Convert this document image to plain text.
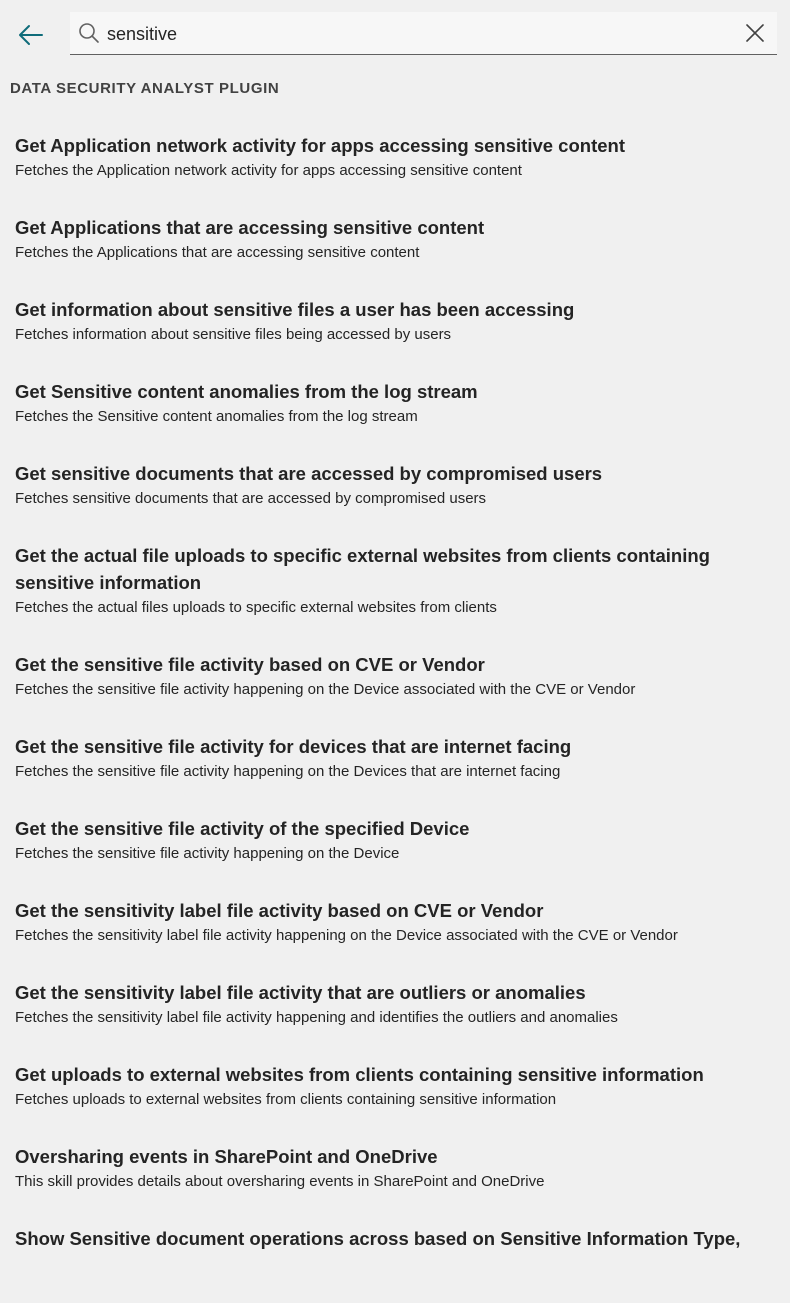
sensitive
DATA SECURITY ANALYST PLUGIN
Get Application network activity for apps accessing sensitive content
Fetches the Application network activity for apps accessing sensitive content
Get Applications that are accessing sensitive content
Fetches the Applications that are accessing sensitive content
Get information about sensitive files a user has been accessing
Fetches information about sensitive files being accessed by users
Get Sensitive content anomalies from the log stream
Fetches the Sensitive content anomalies from the log stream
Get sensitive documents that are accessed by compromised users
Fetches sensitive documents that are accessed by compromised users
Get the actual file uploads to specific external websites from clients containing sensitive information
Fetches the actual files uploads to specific external websites from clients
Get the sensitive file activity based on CVE or Vendor
Fetches the sensitive file activity happening on the Device associated with the CVE or Vendor
Get the sensitive file activity for devices that are internet facing
Fetches the sensitive file activity happening on the Devices that are internet facing
Get the sensitive file activity of the specified Device
Fetches the sensitive file activity happening on the Device
Get the sensitivity label file activity based on CVE or Vendor
Fetches the sensitivity label file activity happening on the Device associated with the CVE or Vendor
Get the sensitivity label file activity that are outliers or anomalies
Fetches the sensitivity label file activity happening and identifies the outliers and anomalies
Get uploads to external websites from clients containing sensitive information
Fetches uploads to external websites from clients containing sensitive information
Oversharing events in SharePoint and OneDrive
This skill provides details about oversharing events in SharePoint and OneDrive
Show Sensitive document operations across based on Sensitive Information Type,
